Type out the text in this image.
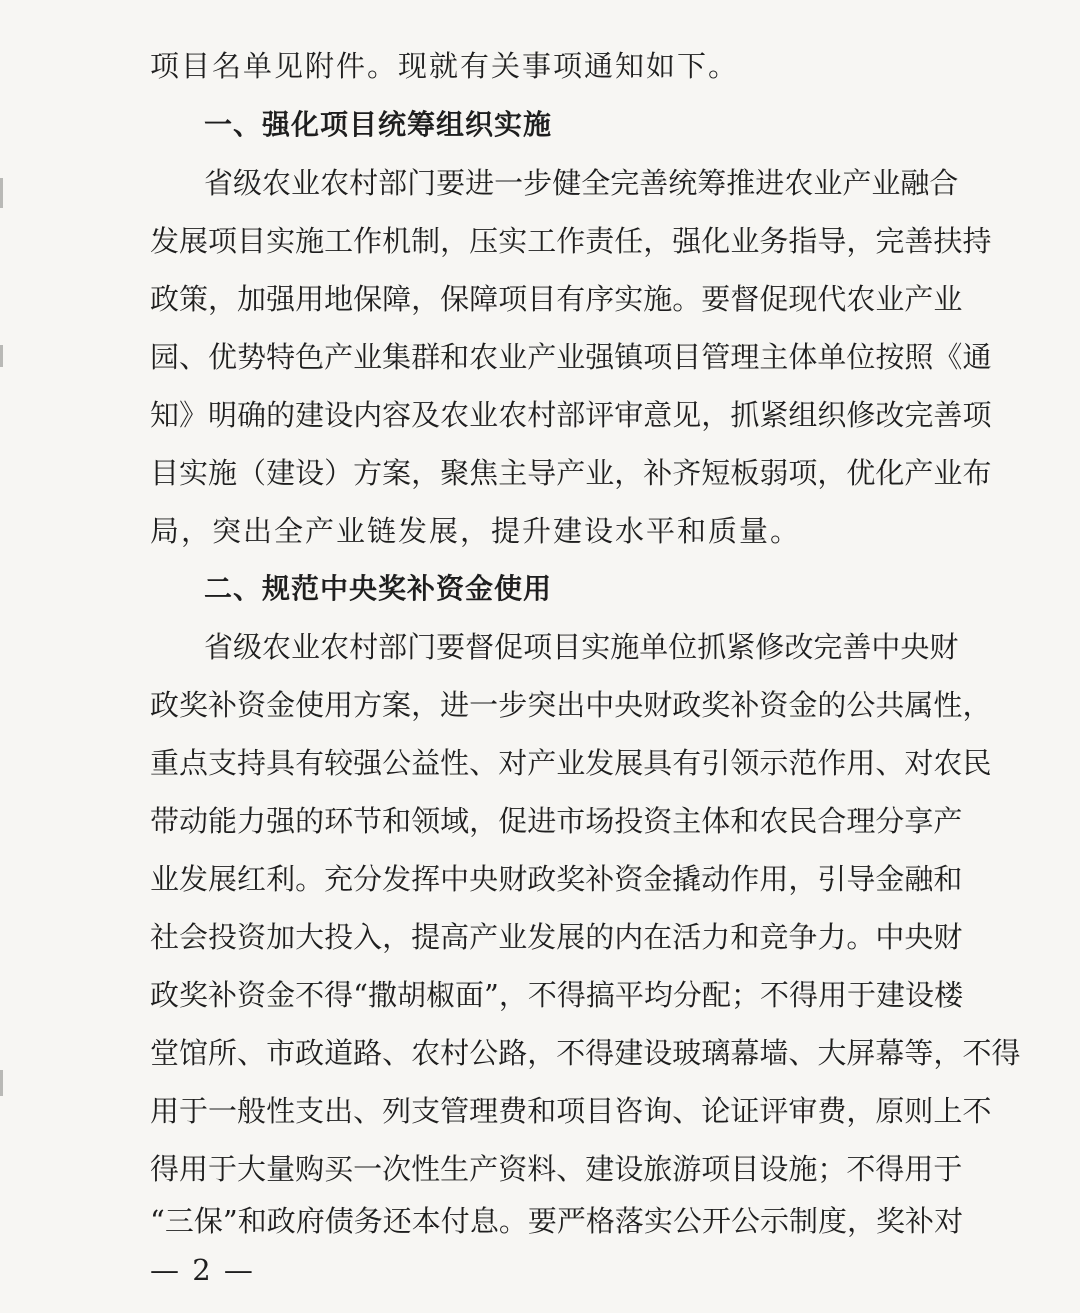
项目名单见附件。现就有关事项通知如下。
一、强化项目统筹组织实施
省 级 农 业 农 村 部 门 要 进 一 步 健 全 完 善 统 筹 推 进 农 业 产 业 融 合
发 展 项 目 实 施 工 作 机 制 ， 压 实 工 作 责 任 ， 强 化 业 务 指 导 ， 完 善 扶 持
政 策 ， 加 强 用 地 保 障 ， 保 障 项 目 有 序 实 施 。 要 督 促 现 代 农 业 产 业
园 、 优 势 特 色 产 业 集 群 和 农 业 产 业 强 镇 项 目 管 理 主 体 单 位 按 照 《 通
知 》 明 确 的 建 设 内 容 及 农 业 农 村 部 评 审 意 见 ， 抓 紧 组 织 修 改 完 善 项
目 实 施 （ 建 设 ） 方 案 ， 聚 焦 主 导 产 业 ， 补 齐 短 板 弱 项 ， 优 化 产 业 布
局，突出全产业链发展，提升建设水平和质量。
二、规范中央奖补资金使用
省 级 农 业 农 村 部 门 要 督 促 项 目 实 施 单 位 抓 紧 修 改 完 善 中 央 财
政 奖 补 资 金 使 用 方 案 ， 进 一 步 突 出 中 央 财 政 奖 补 资 金 的 公 共 属 性 ，
重 点 支 持 具 有 较 强 公 益 性 、 对 产 业 发 展 具 有 引 领 示 范 作 用 、 对 农 民
带 动 能 力 强 的 环 节 和 领 域 ， 促 进 市 场 投 资 主 体 和 农 民 合 理 分 享 产
业 发 展 红 利 。 充 分 发 挥 中 央 财 政 奖 补 资 金 撬 动 作 用 ， 引 导 金 融 和
社 会 投 资 加 大 投 入 ， 提 高 产 业 发 展 的 内 在 活 力 和 竞 争 力 。 中 央 财
政 奖 补 资 金 不 得 “ 撒 胡 椒 面 ” ， 不 得 搞 平 均 分 配 ； 不 得 用 于 建 设 楼
堂 馆 所 、 市 政 道 路 、 农 村 公 路 ， 不 得 建 设 玻 璃 幕 墙 、 大 屏 幕 等 ， 不 得
用 于 一 般 性 支 出 、 列 支 管 理 费 和 项 目 咨 询 、 论 证 评 审 费 ， 原 则 上 不
得 用 于 大 量 购 买 一 次 性 生 产 资 料 、 建 设 旅 游 项 目 设 施 ； 不 得 用 于
“ 三 保 ” 和 政 府 债 务 还 本 付 息 。 要 严 格 落 实 公 开 公 示 制 度 ， 奖 补 对
— 2 —
